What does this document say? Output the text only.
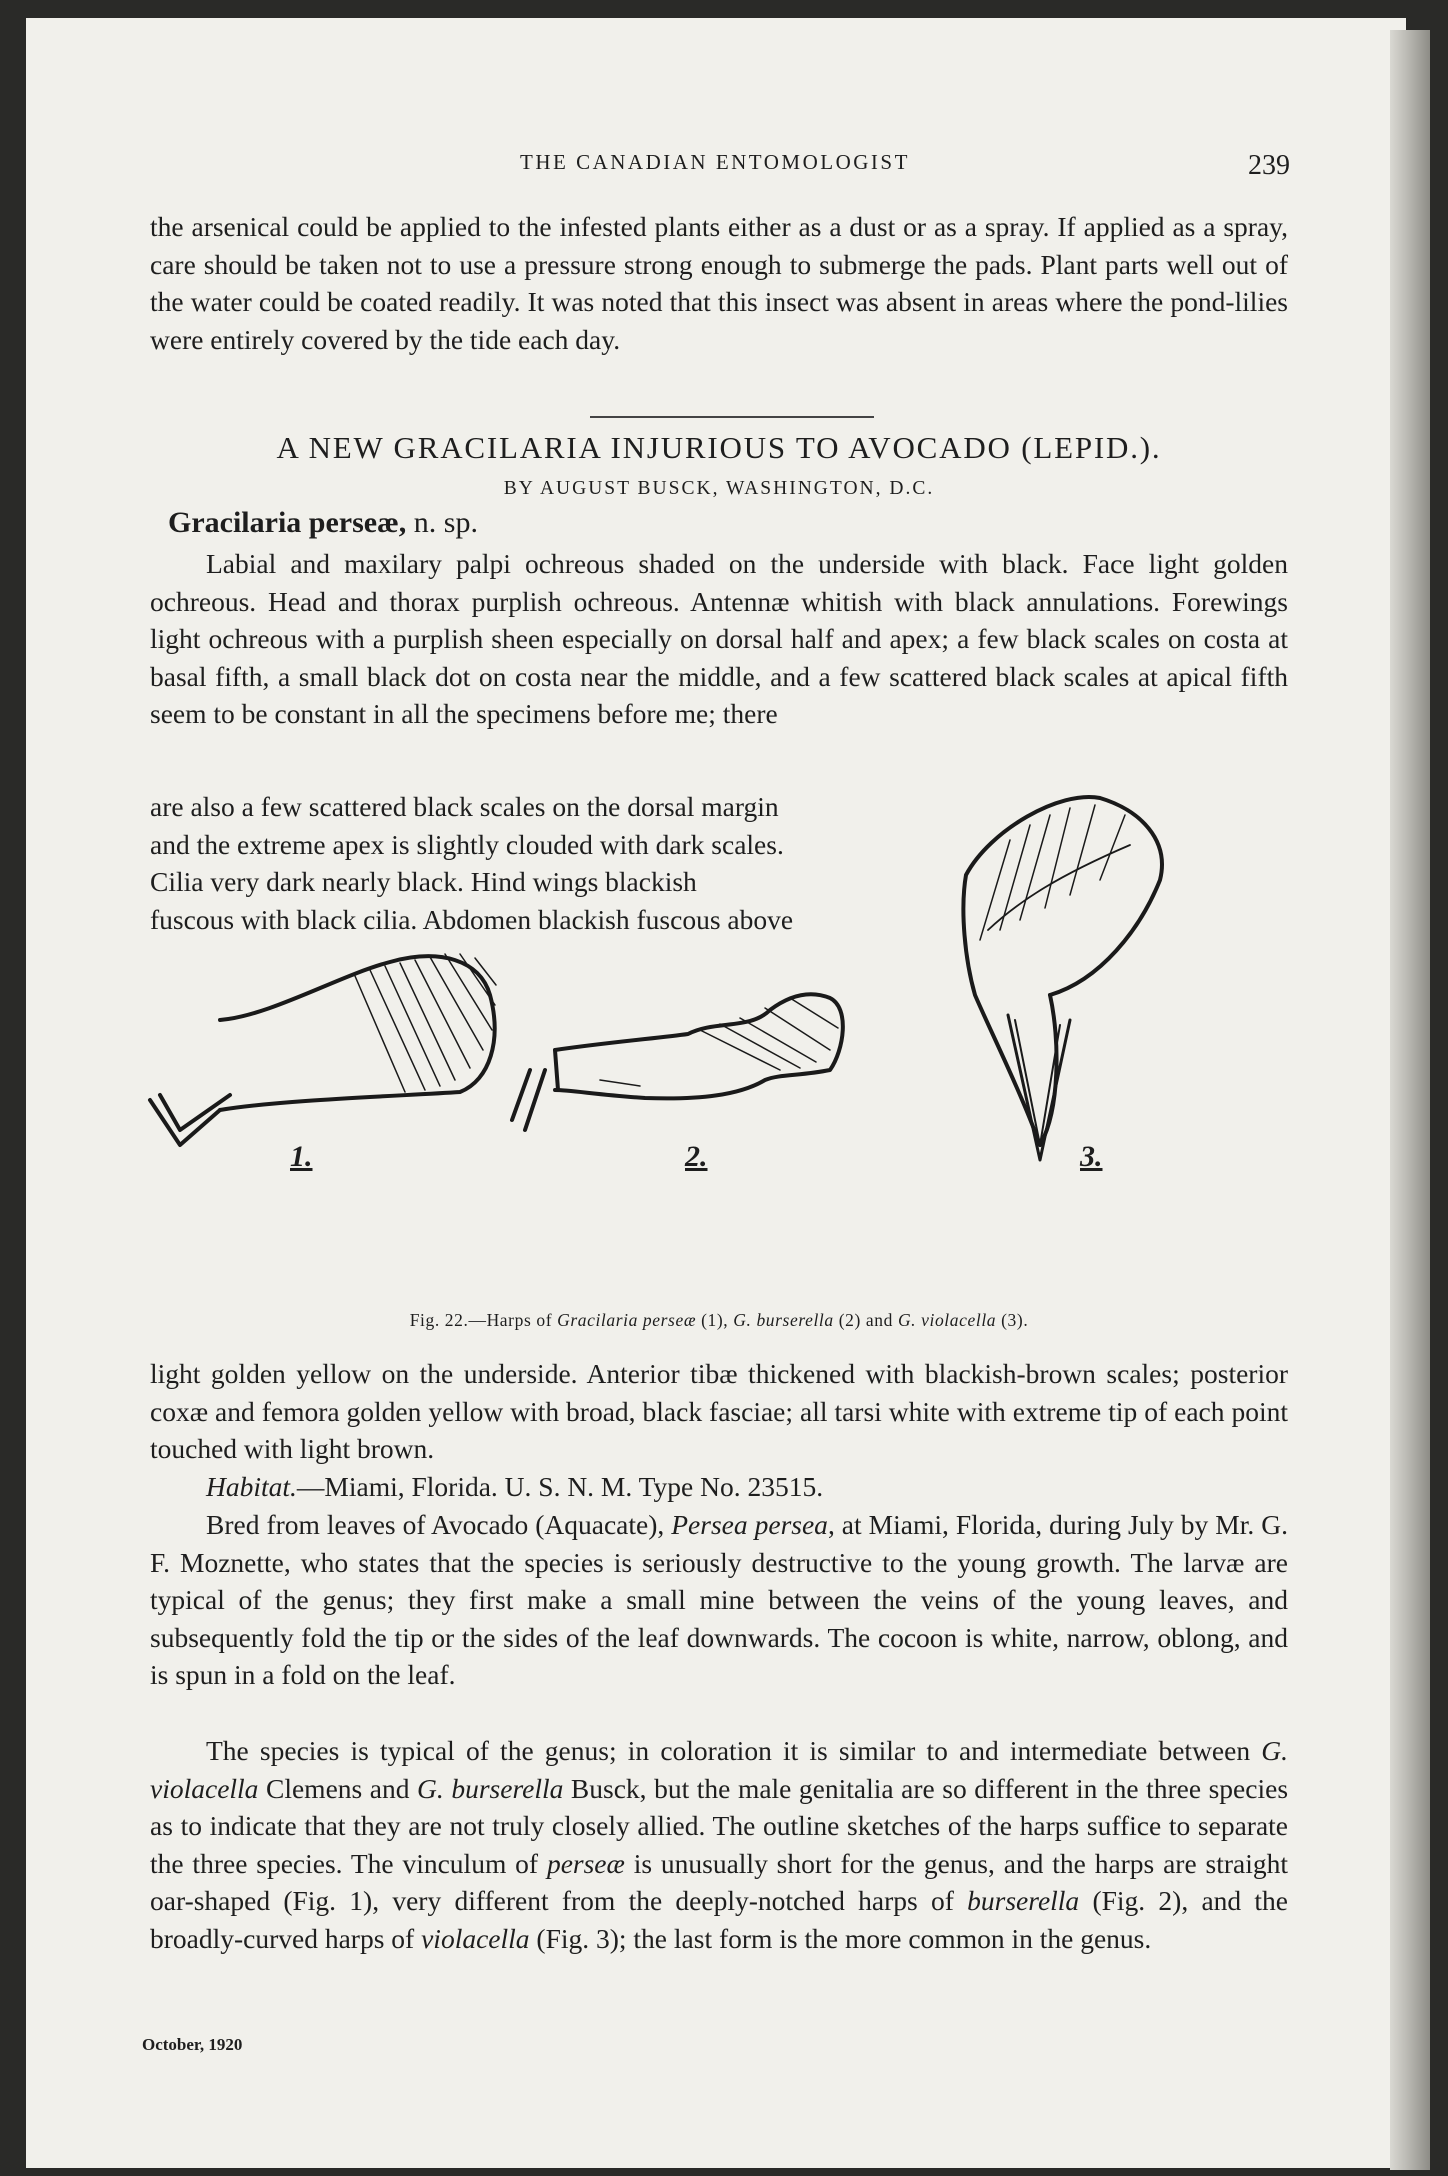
THE CANADIAN ENTOMOLOGIST	239

the arsenical could be applied to the infested plants either as a dust or as a spray. If applied as a spray, care should be taken not to use a pressure strong enough to submerge the pads. Plant parts well out of the water could be coated readily. It was noted that this insect was absent in areas where the pond-lilies were entirely covered by the tide each day.

A NEW GRACILARIA INJURIOUS TO AVOCADO (LEPID.).
BY AUGUST BUSCK, WASHINGTON, D.C.
Gracilaria perseæ, n. sp.

Labial and maxilary palpi ochreous shaded on the underside with black. Face light golden ochreous. Head and thorax purplish ochreous. Antennæ whitish with black annulations. Forewings light ochreous with a purplish sheen especially on dorsal half and apex; a few black scales on costa at basal fifth, a small black dot on costa near the middle, and a few scattered black scales at apical fifth seem to be constant in all the specimens before me; there

are also a few scattered black scales on the dorsal margin
and the extreme apex is slightly clouded with dark scales.
Cilia very dark nearly black. Hind wings blackish
fuscous with black cilia. Abdomen blackish fuscous above
1.	2.	3.
Fig. 22.—Harps of Gracilaria perseæ (1), G. burserella (2) and G. violacella (3).

light golden yellow on the underside. Anterior tibæ thickened with blackish-brown scales; posterior coxæ and femora golden yellow with broad, black fasciae; all tarsi white with extreme tip of each point touched with light brown.

Habitat.—Miami, Florida. U. S. N. M. Type No. 23515.

Bred from leaves of Avocado (Aquacate), Persea persea, at Miami, Florida, during July by Mr. G. F. Moznette, who states that the species is seriously destructive to the young growth. The larvæ are typical of the genus; they first make a small mine between the veins of the young leaves, and subsequently fold the tip or the sides of the leaf downwards. The cocoon is white, narrow, oblong, and is spun in a fold on the leaf.

The species is typical of the genus; in coloration it is similar to and intermediate between G. violacella Clemens and G. burserella Busck, but the male genitalia are so different in the three species as to indicate that they are not truly closely allied. The outline sketches of the harps suffice to separate the three species. The vinculum of perseæ is unusually short for the genus, and the harps are straight oar-shaped (Fig. 1), very different from the deeply-notched harps of burserella (Fig. 2), and the broadly-curved harps of violacella (Fig. 3); the last form is the more common in the genus.

October, 1920
